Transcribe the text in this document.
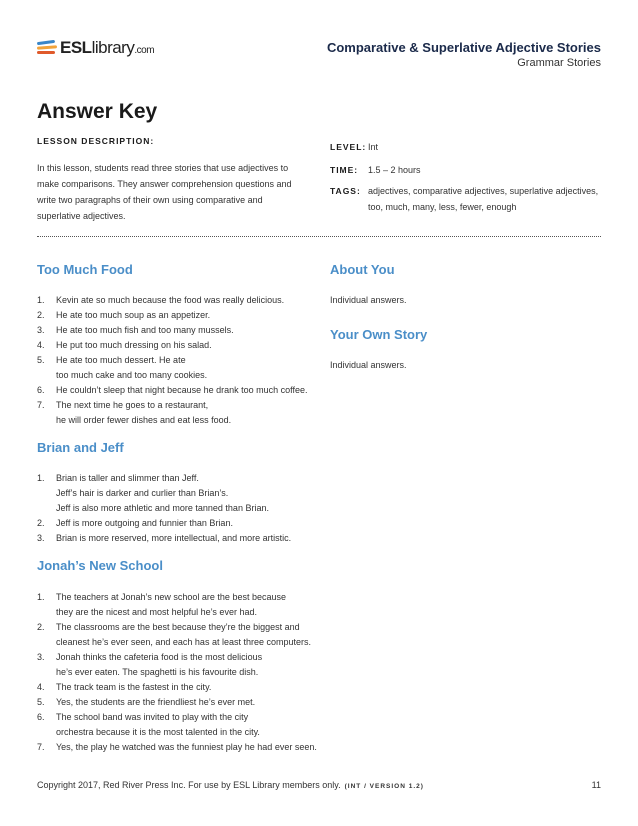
ESLlibrary.com	Comparative & Superlative Adjective Stories
Grammar Stories
Answer Key
LESSON DESCRIPTION:
In this lesson, students read three stories that use adjectives to make comparisons. They answer comprehension questions and write two paragraphs of their own using comparative and superlative adjectives.
LEVEL: Int
TIME:	1.5 – 2 hours
TAGS: adjectives, comparative adjectives, superlative adjectives, too, much, many, less, fewer, enough
Too Much Food
1.	Kevin ate so much because the food was really delicious.
2.	He ate too much soup as an appetizer.
3.	He ate too much fish and too many mussels.
4.	He put too much dressing on his salad.
5.	He ate too much dessert. He ate
too much cake and too many cookies.
6.	He couldn’t sleep that night because he drank too much coffee.
7.	The next time he goes to a restaurant,
he will order fewer dishes and eat less food.
Brian and Jeff
1.	Brian is taller and slimmer than Jeff.
Jeff’s hair is darker and curlier than Brian’s.
Jeff is also more athletic and more tanned than Brian.
2.	Jeff is more outgoing and funnier than Brian.
3.	Brian is more reserved, more intellectual, and more artistic.
Jonah’s New School
1.	The teachers at Jonah’s new school are the best because
they are the nicest and most helpful he’s ever had.
2.	The classrooms are the best because they’re the biggest and
cleanest he’s ever seen, and each has at least three computers.
3.	Jonah thinks the cafeteria food is the most delicious
he’s ever eaten. The spaghetti is his favourite dish.
4.	The track team is the fastest in the city.
5.	Yes, the students are the friendliest he’s ever met.
6.	The school band was invited to play with the city
orchestra because it is the most talented in the city.
7.	Yes, the play he watched was the funniest play he had ever seen.
About You
Individual answers.
Your Own Story
Individual answers.
Copyright 2017, Red River Press Inc. For use by ESL Library members only. (INT / VERSION 1.2)	11
